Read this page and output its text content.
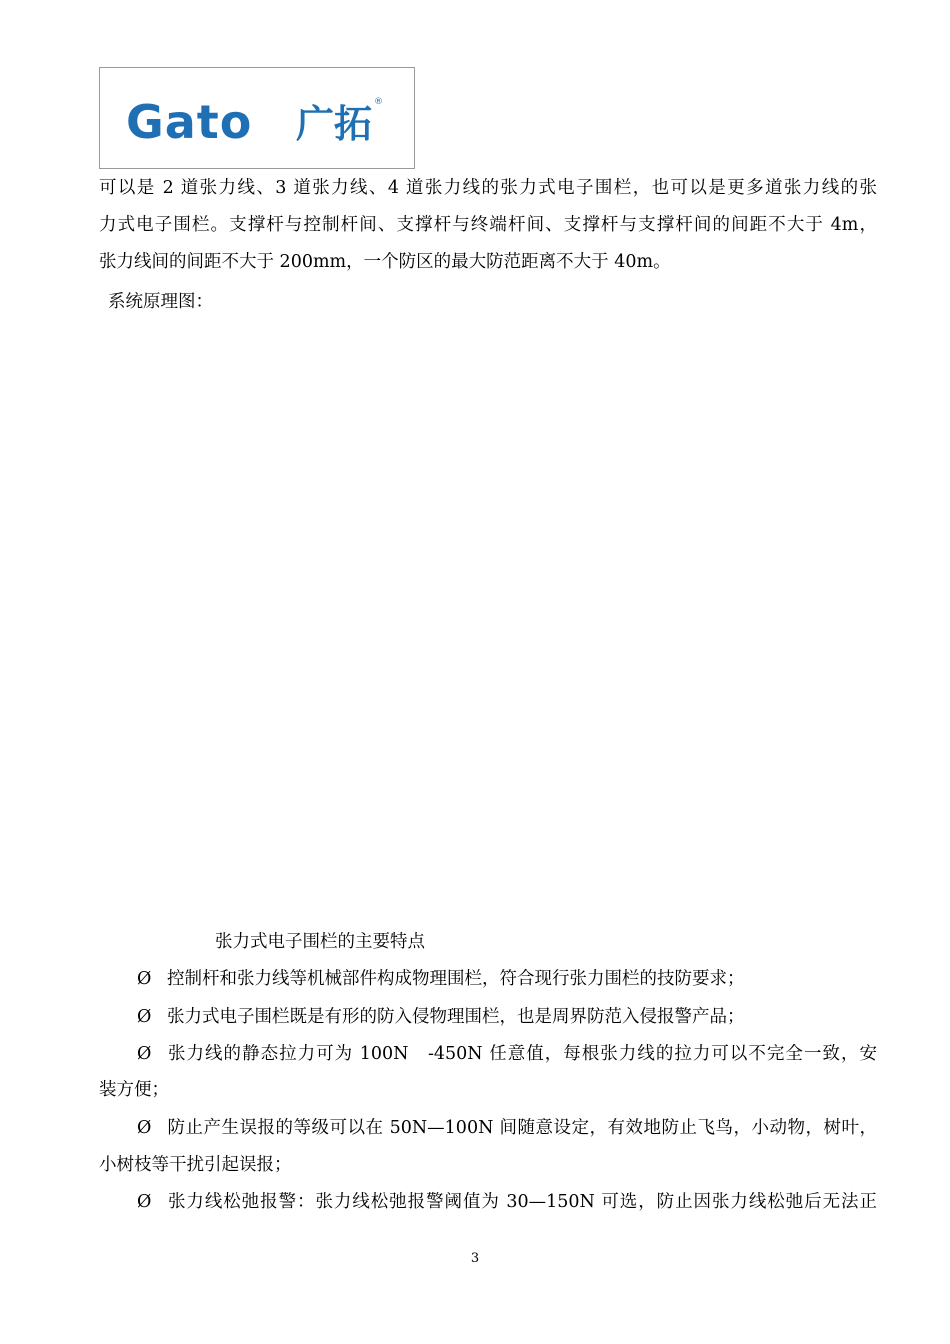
Gato 广拓 ®
可以是 2 道张力线、3 道张力线、4 道张力线的张力式电子围栏，也可以是更多道张力线的张
力式电子围栏。支撑杆与控制杆间、支撑杆与终端杆间、支撑杆与支撑杆间的间距不大于 4m，
张力线间的间距不大于 200mm，一个防区的最大防范距离不大于 40m。
系统原理图：
张力式电子围栏的主要特点
Ø 控制杆和张力线等机械部件构成物理围栏，符合现行张力围栏的技防要求；
Ø 张力式电子围栏既是有形的防入侵物理围栏，也是周界防范入侵报警产品；
Ø 张力线的静态拉力可为 100N　-450N 任意值，每根张力线的拉力可以不完全一致，安
装方便；
Ø 防止产生误报的等级可以在 50N—100N 间随意设定，有效地防止飞鸟，小动物，树叶，
小树枝等干扰引起误报；
Ø 张力线松弛报警：张力线松弛报警阈值为 30—150N 可选，防止因张力线松弛后无法正
3
